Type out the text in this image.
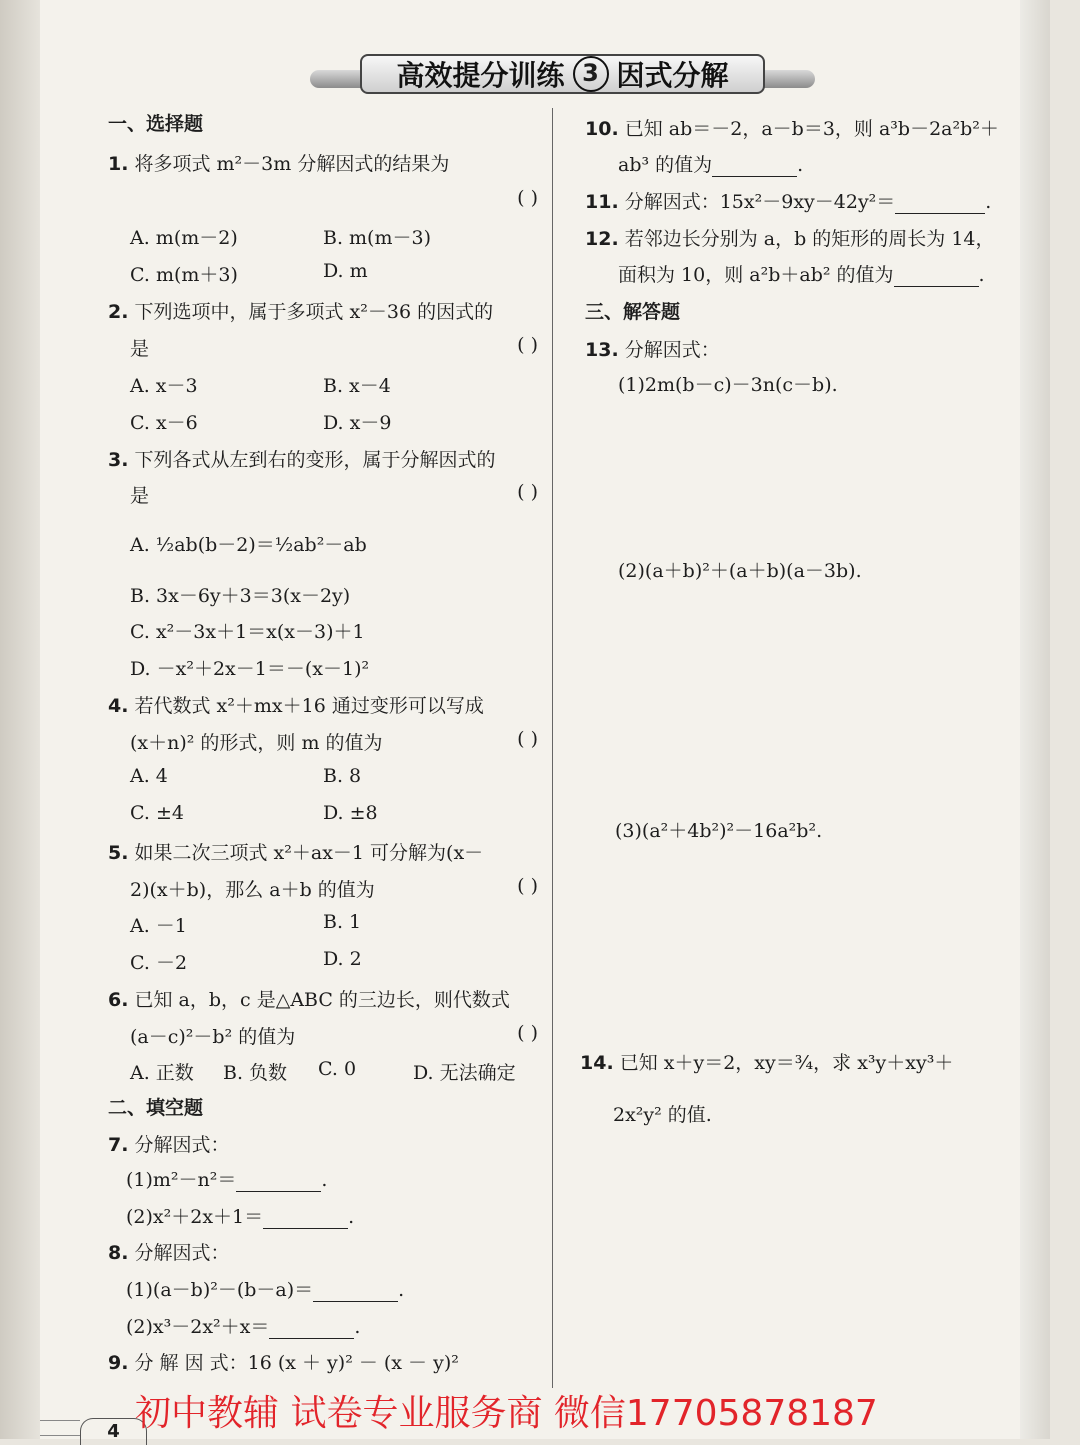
高效提分训练 3 因式分解
一、选择题
1. 将多项式 m²－3m 分解因式的结果为
( )
A. m(m－2)	B. m(m－3)
C. m(m＋3)	D. m
2. 下列选项中，属于多项式 x²－36 的因式的
是	( )
A. x－3	B. x－4
C. x－6	D. x－9
3. 下列各式从左到右的变形，属于分解因式的
是	( )
A. ½ab(b－2)＝½ab²－ab
B. 3x－6y＋3＝3(x－2y)
C. x²－3x＋1＝x(x－3)＋1
D. －x²＋2x－1＝－(x－1)²
4. 若代数式 x²＋mx＋16 通过变形可以写成
(x＋n)² 的形式，则 m 的值为	( )
A. 4	B. 8
C. ±4	D. ±8
5. 如果二次三项式 x²＋ax－1 可分解为(x－
2)(x＋b)，那么 a＋b 的值为	( )
A. －1	B. 1
C. －2	D. 2
6. 已知 a，b，c 是△ABC 的三边长，则代数式
(a－c)²－b² 的值为	( )
A. 正数 B. 负数 C. 0	D. 无法确定
二、填空题
7. 分解因式：
(1)m²－n²＝	.
(2)x²＋2x＋1＝	.
8. 分解因式：
(1)(a－b)²－(b－a)＝	.
(2)x³－2x²＋x＝	.
9. 分 解 因 式：16 (x ＋ y)² － (x － y)²
10. 已知 ab＝－2，a－b＝3，则 a³b－2a²b²＋
ab³ 的值为	.
11. 分解因式：15x²－9xy－42y²＝	.
12. 若邻边长分别为 a，b 的矩形的周长为 14，
面积为 10，则 a²b＋ab² 的值为	.
三、解答题
13. 分解因式：
(1)2m(b－c)－3n(c－b).
(2)(a＋b)²＋(a＋b)(a－3b).
(3)(a²＋4b²)²－16a²b².
14. 已知 x＋y＝2，xy＝¾，求 x³y＋xy³＋
2x²y² 的值.
4 初中教辅 试卷专业服务商 微信17705878187
